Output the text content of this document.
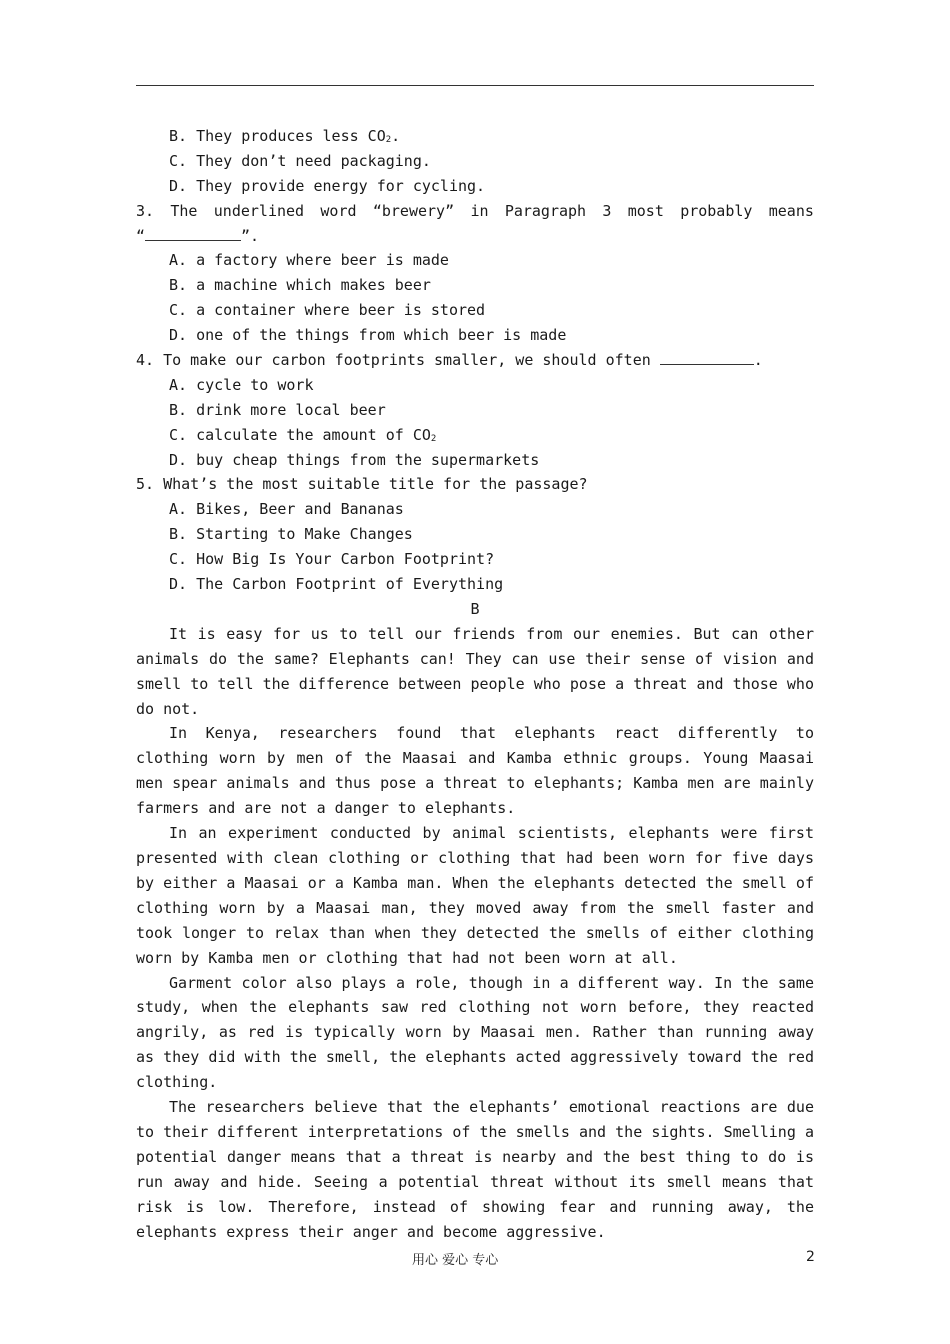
B. They produces less $CO_2$.
C. They don’t need packaging.
D. They provide energy for cycling.
3. The underlined word “brewery” in Paragraph 3 most probably means
“	”.
A. a factory where beer is made
B. a machine which makes beer
C. a container where beer is stored
D. one of the things from which beer is made
4. To make our carbon footprints smaller, we should often	.
A. cycle to work
B. drink more local beer
C. calculate the amount of $CO_2$
D. buy cheap things from the supermarkets
5. What’s the most suitable title for the passage?
A. Bikes, Beer and Bananas
B. Starting to Make Changes
C. How Big Is Your Carbon Footprint?
D. The Carbon Footprint of Everything
B

It is easy for us to tell our friends from our enemies. But can other animals do the same? Elephants can! They can use their sense of vision and smell to tell the difference between people who pose a threat and those who do not.

In Kenya, researchers found that elephants react differently to clothing worn by men of the Maasai and Kamba ethnic groups. Young Maasai men spear animals and thus pose a threat to elephants; Kamba men are mainly farmers and are not a danger to elephants.

In an experiment conducted by animal scientists, elephants were first presented with clean clothing or clothing that had been worn for five days by either a Maasai or a Kamba man. When the elephants detected the smell of clothing worn by a Maasai man, they moved away from the smell faster and took longer to relax than when they detected the smells of either clothing worn by Kamba men or clothing that had not been worn at all.

Garment color also plays a role, though in a different way. In the same study, when the elephants saw red clothing not worn before, they reacted angrily, as red is typically worn by Maasai men. Rather than running away as they did with the smell, the elephants acted aggressively toward the red clothing.

The researchers believe that the elephants’ emotional reactions are due to their different interpretations of the smells and the sights. Smelling a potential danger means that a threat is nearby and the best thing to do is run away and hide. Seeing a potential threat without its smell means that risk is low. Therefore, instead of showing fear and running away, the elephants express their anger and become aggressive.

用心 爱心 专心	2
